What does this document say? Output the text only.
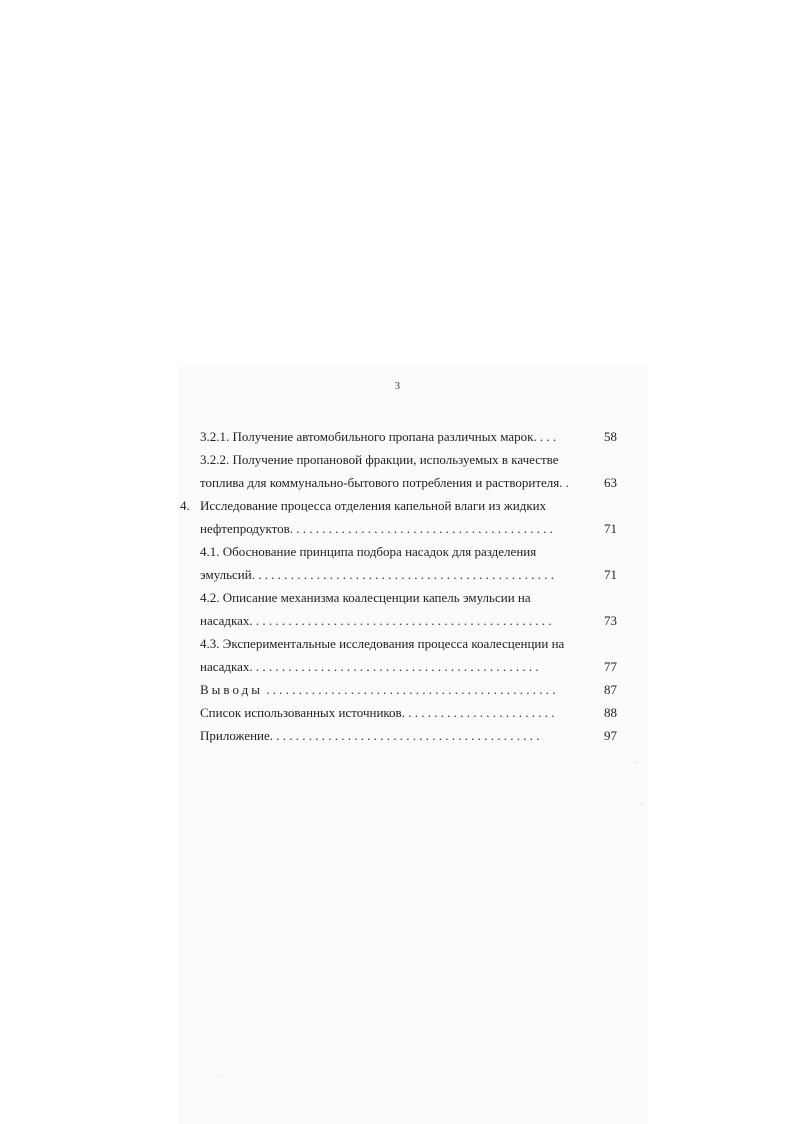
3
3.2.1. Получение автомобильного пропана различных марок. . . .	58
3.2.2. Получение пропановой фракции, используемых в качестве
топлива для коммунально-бытового потребления и растворителя. .	63
4. Исследование процесса отделения капельной влаги из жидких
нефтепродуктов. . . . . . . . . . . . . . . . . . . . . . . . . . . . . . . . . . . . . . . . .	71
4.1. Обоснование принципа подбора насадок для разделения
эмульсий. . . . . . . . . . . . . . . . . . . . . . . . . . . . . . . . . . . . . . . . . . . . . . .	71
4.2. Описание механизма коалесценции капель эмульсии на
насадках. . . . . . . . . . . . . . . . . . . . . . . . . . . . . . . . . . . . . . . . . . . . . . .	73
4.3. Экспериментальные исследования процесса коалесценции на
насадках. . . . . . . . . . . . . . . . . . . . . . . . . . . . . . . . . . . . . . . . . . . . .	77
Выводы . . . . . . . . . . . . . . . . . . . . . . . . . . . . . . . . . . . . . . . . . . . . .	87
Список использованных источников. . . . . . . . . . . . . . . . . . . . . . . .	88
Приложение. . . . . . . . . . . . . . . . . . . . . . . . . . . . . . . . . . . . . . . . . .	97
